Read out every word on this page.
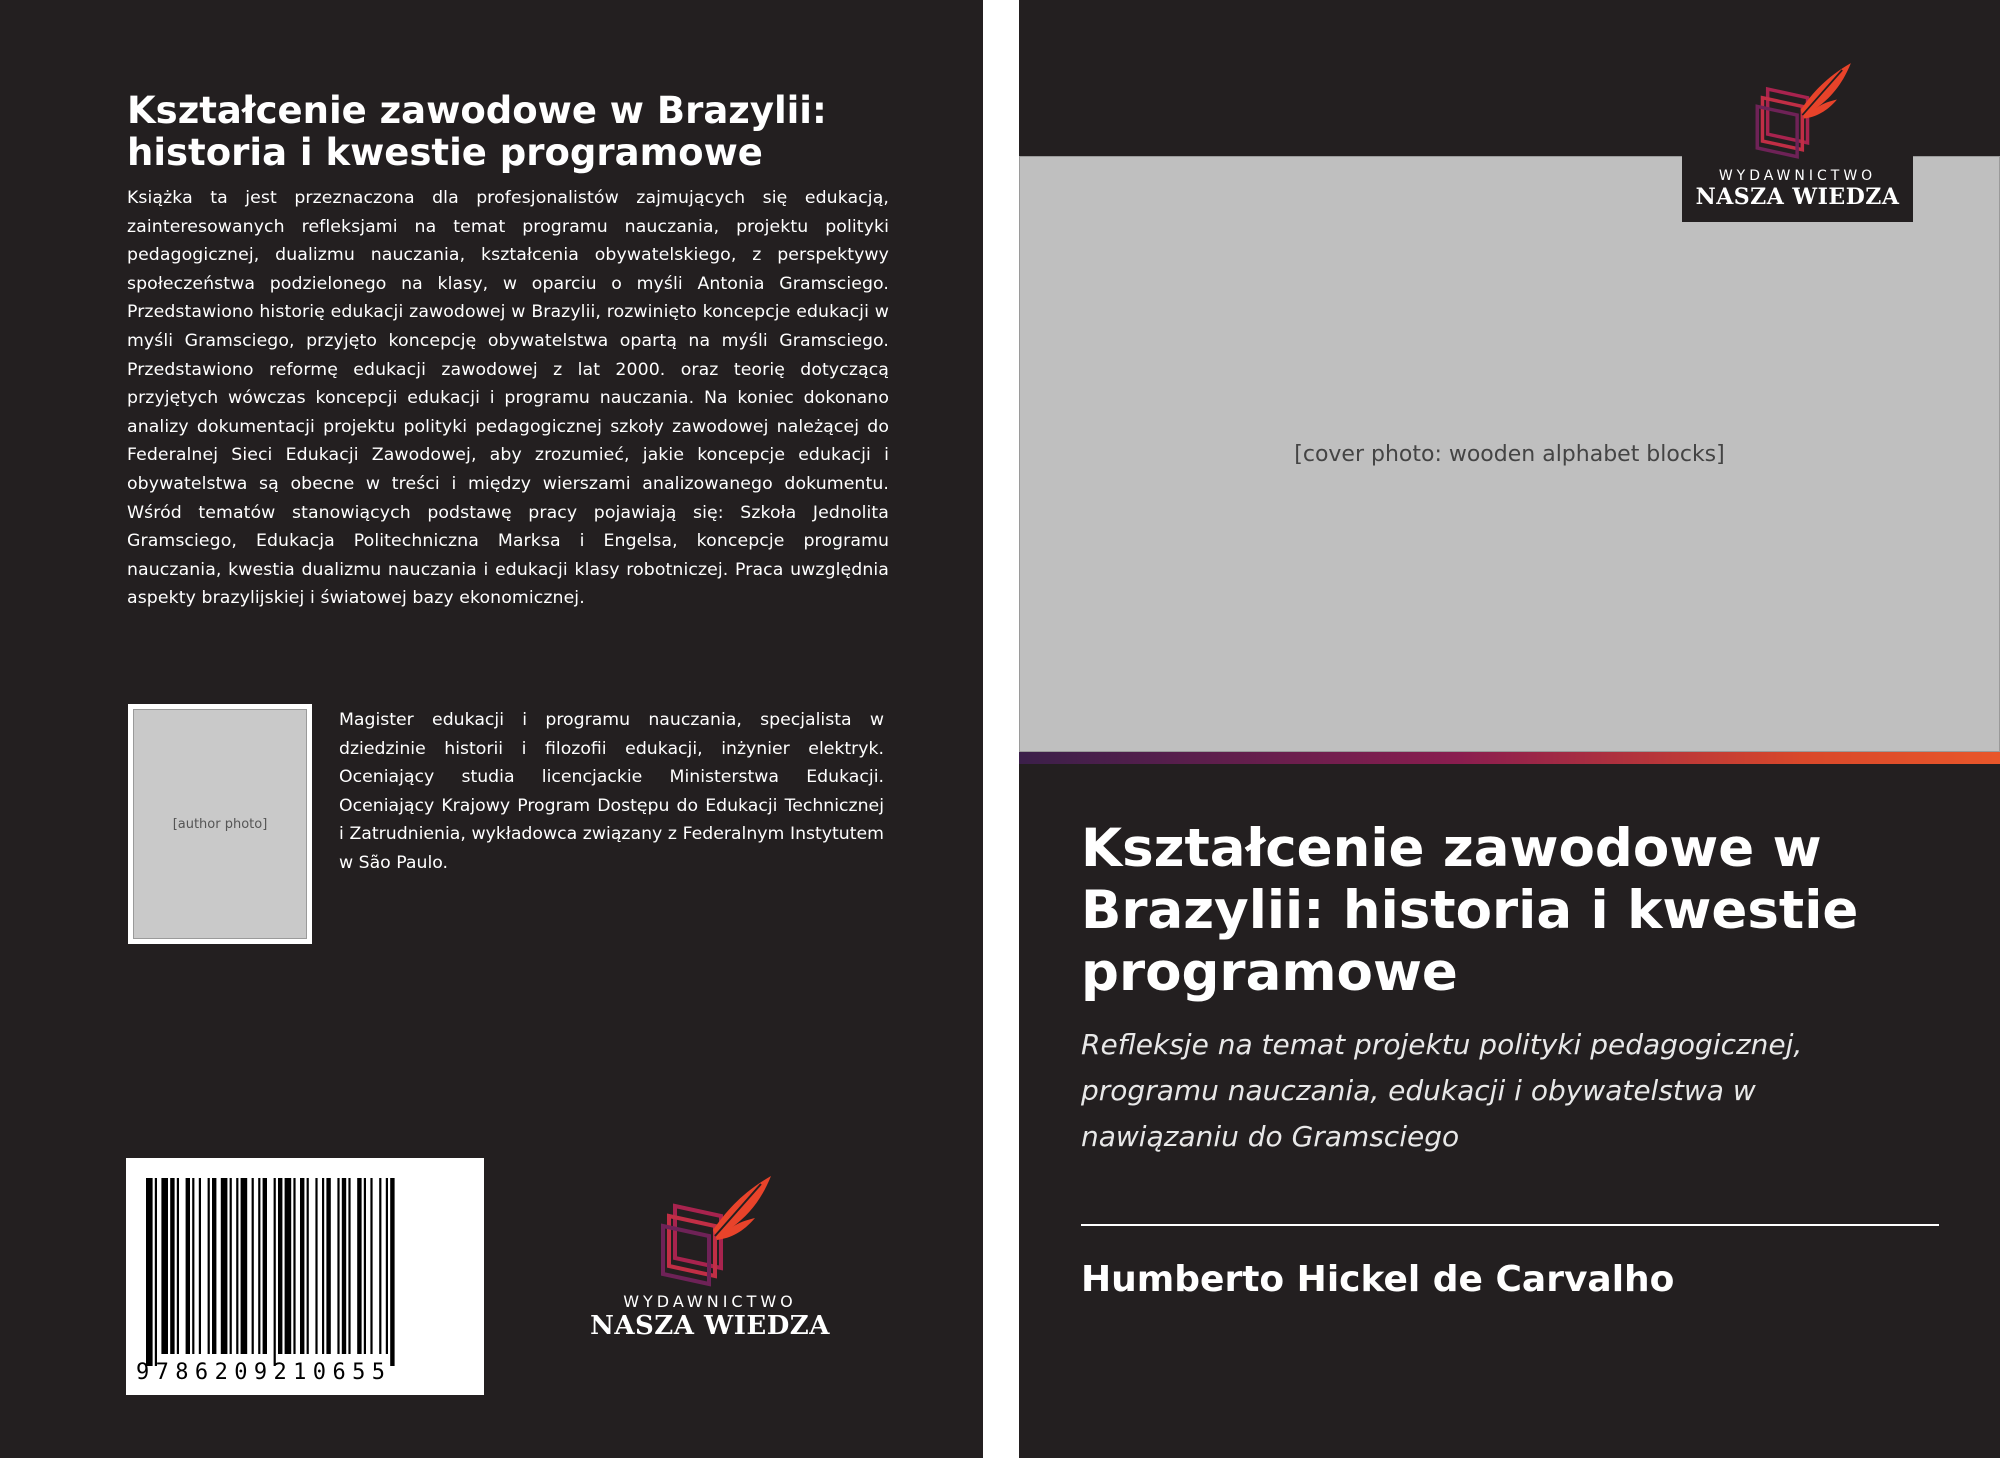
Kształcenie zawodowe w Brazylii:
historia i kwestie programowe

Książka ta jest przeznaczona dla profesjonalistów zajmujących się edukacją, zainteresowanych refleksjami na temat programu nauczania, projektu polityki pedagogicznej, dualizmu nauczania, kształcenia obywatelskiego, z perspektywy społeczeństwa podzielonego na klasy, w oparciu o myśli Antonia Gramsciego. Przedstawiono historię edukacji zawodowej w Brazylii, rozwinięto koncepcje edukacji w myśli Gramsciego, przyjęto koncepcję obywatelstwa opartą na myśli Gramsciego. Przedstawiono reformę edukacji zawodowej z lat 2000. oraz teorię dotyczącą przyjętych wówczas koncepcji edukacji i programu nauczania. Na koniec dokonano analizy dokumentacji projektu polityki pedagogicznej szkoły zawodowej należącej do Federalnej Sieci Edukacji Zawodowej, aby zrozumieć, jakie koncepcje edukacji i obywatelstwa są obecne w treści i między wierszami analizowanego dokumentu. Wśród tematów stanowiących podstawę pracy pojawiają się: Szkoła Jednolita Gramsciego, Edukacja Politechniczna Marksa i Engelsa, koncepcje programu nauczania, kwestia dualizmu nauczania i edukacji klasy robotniczej. Praca uwzględnia aspekty brazylijskiej i światowej bazy ekonomicznej.

[author photo]

Magister edukacji i programu nauczania, specjalista w dziedzinie historii i filozofii edukacji, inżynier elektryk. Oceniający studia licencjackie Ministerstwa Edukacji. Oceniający Krajowy Program Dostępu do Edukacji Technicznej i Zatrudnienia, wykładowca związany z Federalnym Instytutem w São Paulo.

9786209210655
WYDAWNICTWO
NASZA WIEDZA
[cover photo: wooden alphabet blocks]
WYDAWNICTWO
NASZA WIEDZA
Kształcenie zawodowe w
Brazylii: historia i kwestie
programowe

Refleksje na temat projektu polityki pedagogicznej,
programu nauczania, edukacji i obywatelstwa w
nawiązaniu do Gramsciego

Humberto Hickel de Carvalho
